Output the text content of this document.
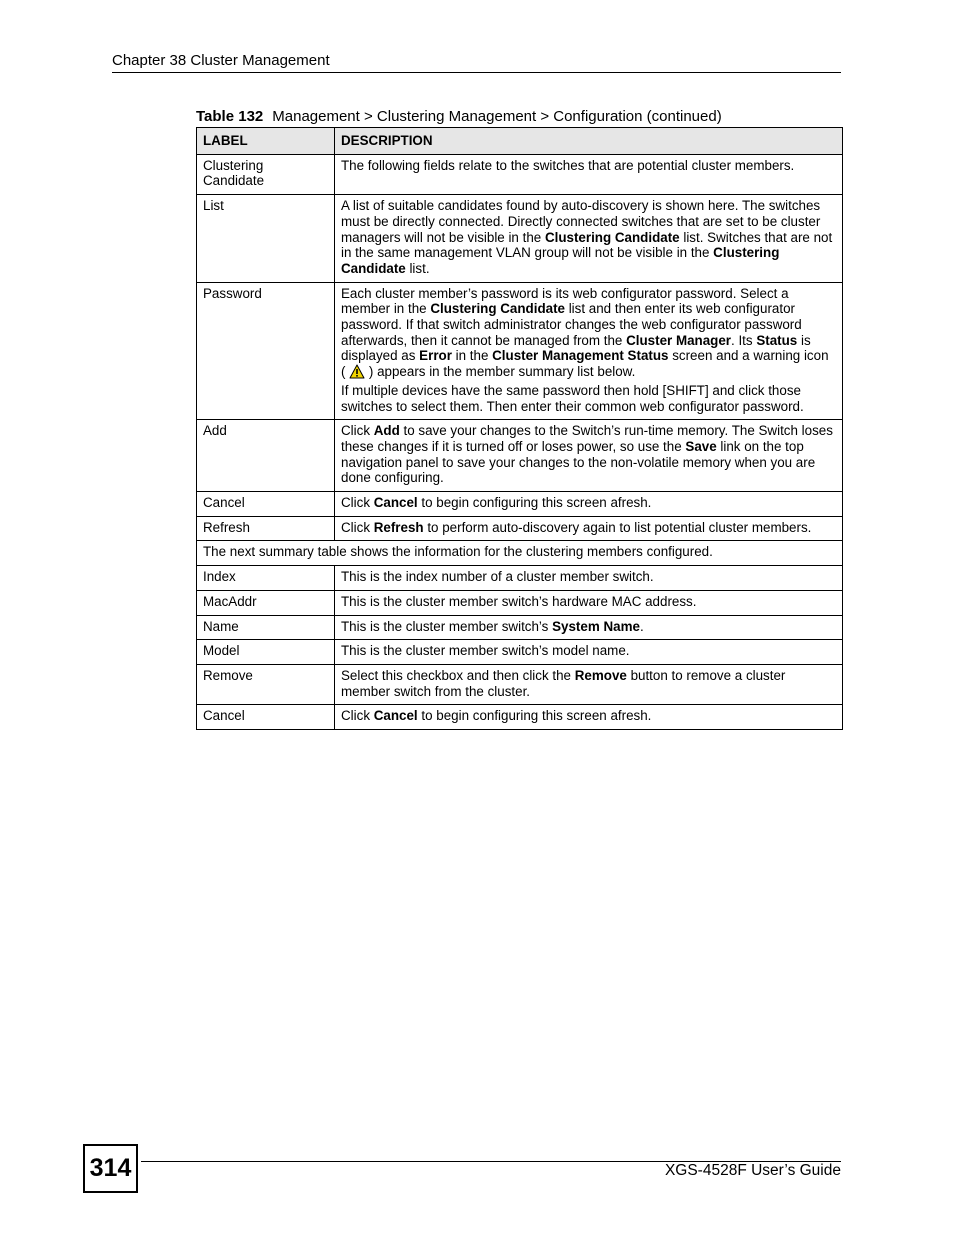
Chapter 38 Cluster Management
Table 132 Management > Clustering Management > Configuration (continued)
LABEL	DESCRIPTION
Clustering Candidate	The following fields relate to the switches that are potential cluster members.

List	A list of suitable candidates found by auto-discovery is shown here. The switches must be directly connected. Directly connected switches that are set to be cluster managers will not be visible in the Clustering Candidate list. Switches that are not in the same management VLAN group will not be visible in the Clustering Candidate list.

Password	Each cluster member’s password is its web configurator password. Select a member in the Clustering Candidate list and then enter its web configurator password. If that switch administrator changes the web configurator password afterwards, then it cannot be managed from the Cluster Manager. Its Status is displayed as Error in the Cluster Management Status screen and a warning icon (  ) appears in the member summary list below.

If multiple devices have the same password then hold [SHIFT] and click those switches to select them. Then enter their common web configurator password.

Add	Click Add to save your changes to the Switch’s run-time memory. The Switch loses these changes if it is turned off or loses power, so use the Save link on the top navigation panel to save your changes to the non-volatile memory when you are done configuring.

Cancel	Click Cancel to begin configuring this screen afresh.

Refresh	Click Refresh to perform auto-discovery again to list potential cluster members.

The next summary table shows the information for the clustering members configured.	
Index	This is the index number of a cluster member switch.

MacAddr	This is the cluster member switch’s hardware MAC address.

Name	This is the cluster member switch’s System Name.

Model	This is the cluster member switch’s model name.

Remove	Select this checkbox and then click the Remove button to remove a cluster member switch from the cluster.

Cancel	Click Cancel to begin configuring this screen afresh.

314	XGS-4528F User’s Guide
